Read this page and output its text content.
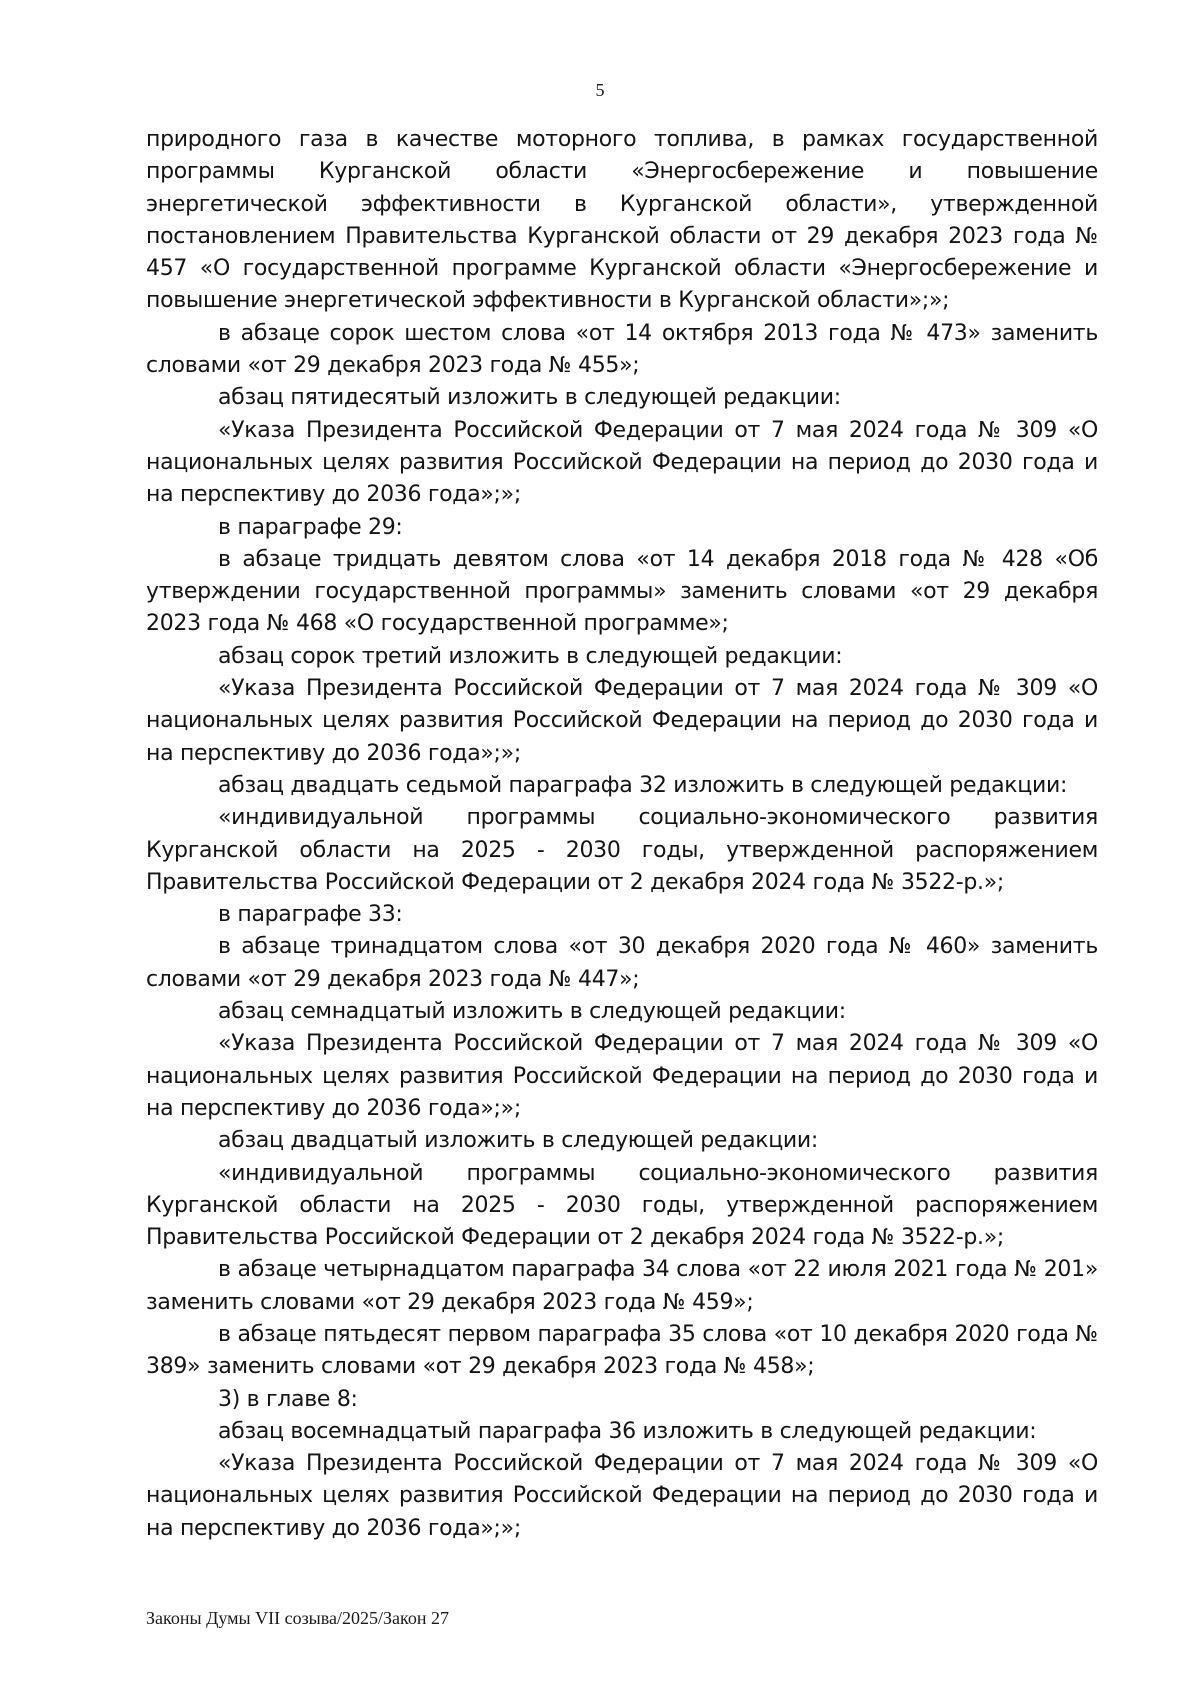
5

природного газа в качестве моторного топлива, в рамках государственной программы Курганской области «Энергосбережение и повышение энергетической эффективности в Курганской области», утвержденной постановлением Правительства Курганской области от 29 декабря 2023 года № 457 «О государственной программе Курганской области «Энергосбережение и повышение энергетической эффективности в Курганской области»;»;

в абзаце сорок шестом слова «от 14 октября 2013 года № 473» заменить словами «от 29 декабря 2023 года № 455»;

абзац пятидесятый изложить в следующей редакции:

«Указа Президента Российской Федерации от 7 мая 2024 года № 309 «О национальных целях развития Российской Федерации на период до 2030 года и на перспективу до 2036 года»;»;

в параграфе 29:

в абзаце тридцать девятом слова «от 14 декабря 2018 года № 428 «Об утверждении государственной программы» заменить словами «от 29 декабря 2023 года № 468 «О государственной программе»;

абзац сорок третий изложить в следующей редакции:

«Указа Президента Российской Федерации от 7 мая 2024 года № 309 «О национальных целях развития Российской Федерации на период до 2030 года и на перспективу до 2036 года»;»;

абзац двадцать седьмой параграфа 32 изложить в следующей редакции:

«индивидуальной программы социально-экономического развития Курганской области на 2025 - 2030 годы, утвержденной распоряжением Правительства Российской Федерации от 2 декабря 2024 года № 3522-р.»;

в параграфе 33:

в абзаце тринадцатом слова «от 30 декабря 2020 года № 460» заменить словами «от 29 декабря 2023 года № 447»;

абзац семнадцатый изложить в следующей редакции:

«Указа Президента Российской Федерации от 7 мая 2024 года № 309 «О национальных целях развития Российской Федерации на период до 2030 года и на перспективу до 2036 года»;»;

абзац двадцатый изложить в следующей редакции:

«индивидуальной программы социально-экономического развития Курганской области на 2025 - 2030 годы, утвержденной распоряжением Правительства Российской Федерации от 2 декабря 2024 года № 3522-р.»;

в абзаце четырнадцатом параграфа 34 слова «от 22 июля 2021 года № 201» заменить словами «от 29 декабря 2023 года № 459»;

в абзаце пятьдесят первом параграфа 35 слова «от 10 декабря 2020 года № 389» заменить словами «от 29 декабря 2023 года № 458»;

3) в главе 8:

абзац восемнадцатый параграфа 36 изложить в следующей редакции:

«Указа Президента Российской Федерации от 7 мая 2024 года № 309 «О национальных целях развития Российской Федерации на период до 2030 года и на перспективу до 2036 года»;»;

Законы Думы VII созыва/2025/Закон 27
